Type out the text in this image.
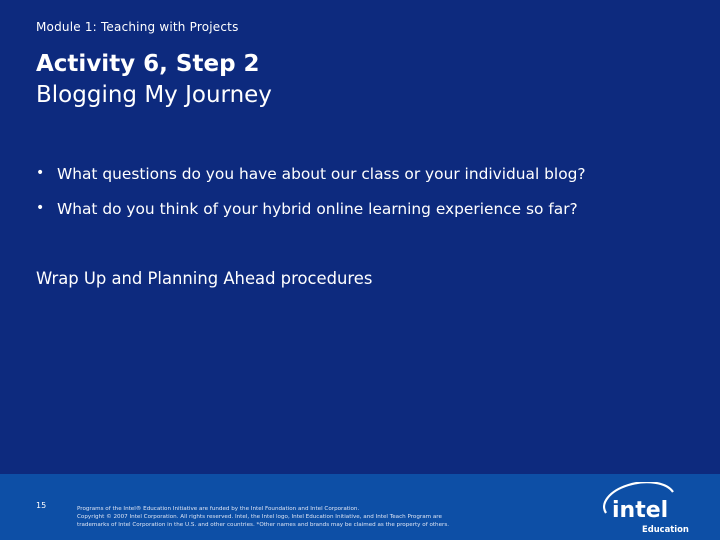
Module 1: Teaching with Projects
Activity 6, Step 2
Blogging My Journey
• What questions do you have about our class or your individual blog?
• What do you think of your hybrid online learning experience so far?
Wrap Up and Planning Ahead procedures
15	Programs of the Intel® Education Initiative are funded by the Intel Foundation and Intel Corporation.
Copyright © 2007 Intel Corporation. All rights reserved. Intel, the Intel logo, Intel Education Initiative, and Intel Teach Program are
trademarks of Intel Corporation in the U.S. and other countries. *Other names and brands may be claimed as the property of others.
intel
Education
